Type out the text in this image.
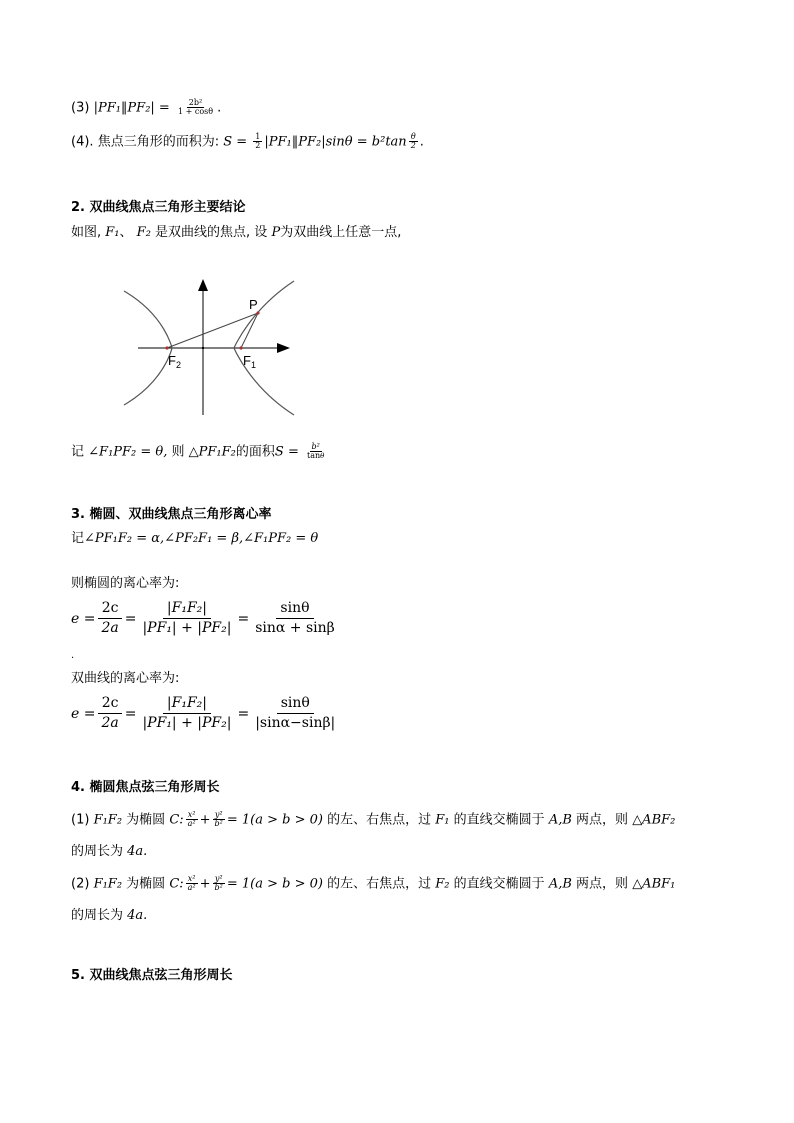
(3) |PF₁‖PF₂| = $\frac{\text{2b²}}{1 + \cos\theta}$ .
(4). 焦点三角形的而积为: $S = \frac{1}{2}$ |PF₁‖PF₂|sinθ = $b^2\tan \frac{\theta}{2}$ .
2. 双曲线焦点三角形主要结论
如图, F₁、 F₂ 是双曲线的焦点, 设 P为双曲线上任意一点,
P
$F_1$
$F_2$
记 ∠F₁PF₂ = θ, 则 △PF₁F₂的面积$S = \frac{\text{b²}}{\tan\theta}$
3. 椭圆、双曲线焦点三角形离心率
记∠PF₁F₂ = α,∠PF₂F₁ = β,∠F₁PF₂ = θ
则椭圆的离心率为:
$e = \frac{2c}{2a} = \frac{\text{|F₁F₂|}}{\text{|PF₁| + |PF₂|}} = \frac{\sin\theta}{\sin\alpha + \sin\beta}$
.
双曲线的离心率为:
$e = \frac{2c}{2a} = \frac{\text{|F₁F₂|}}{\text{|PF₁| + |PF₂|}} = \frac{\sin\theta}{|\sin\alpha-\sin\beta|}$
4. 椭圆焦点弦三角形周长
(1) F₁F₂ 为椭圆 C: $\frac{\text{x²}}{\text{a²}} + \frac{\text{y²}}{\text{b²}} = 1(a > b > 0)$ 的左、右焦点，过 F₁ 的直线交椭圆于 A,B 两点，则 △ABF₂
的周长为 4a.
(2) F₁F₂ 为椭圆 C: $\frac{\text{x²}}{\text{a²}} + \frac{\text{y²}}{\text{b²}} = 1(a > b > 0)$ 的左、右焦点，过 F₂ 的直线交椭圆于 A,B 两点，则 △ABF₁
的周长为 4a.
5. 双曲线焦点弦三角形周长
